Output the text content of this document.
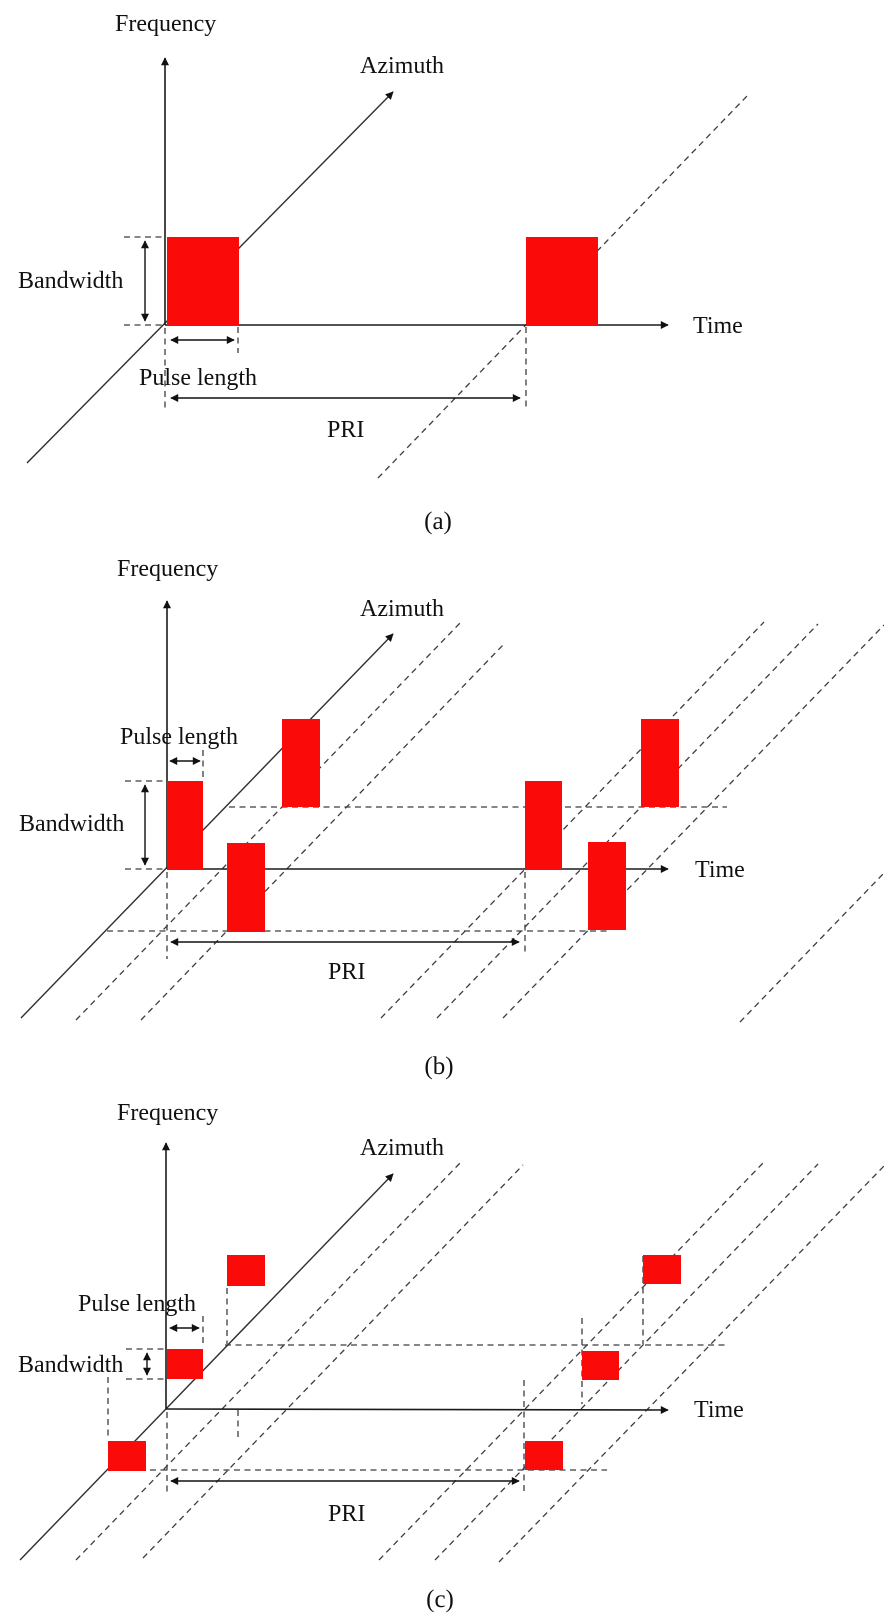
Frequency
Azimuth
Time
Bandwidth
Pulse length
PRI
(a)
Frequency
Azimuth
Time
Bandwidth
Pulse length
PRI
(b)
Frequency
Azimuth
Time
Bandwidth
Pulse length
PRI
(c)
